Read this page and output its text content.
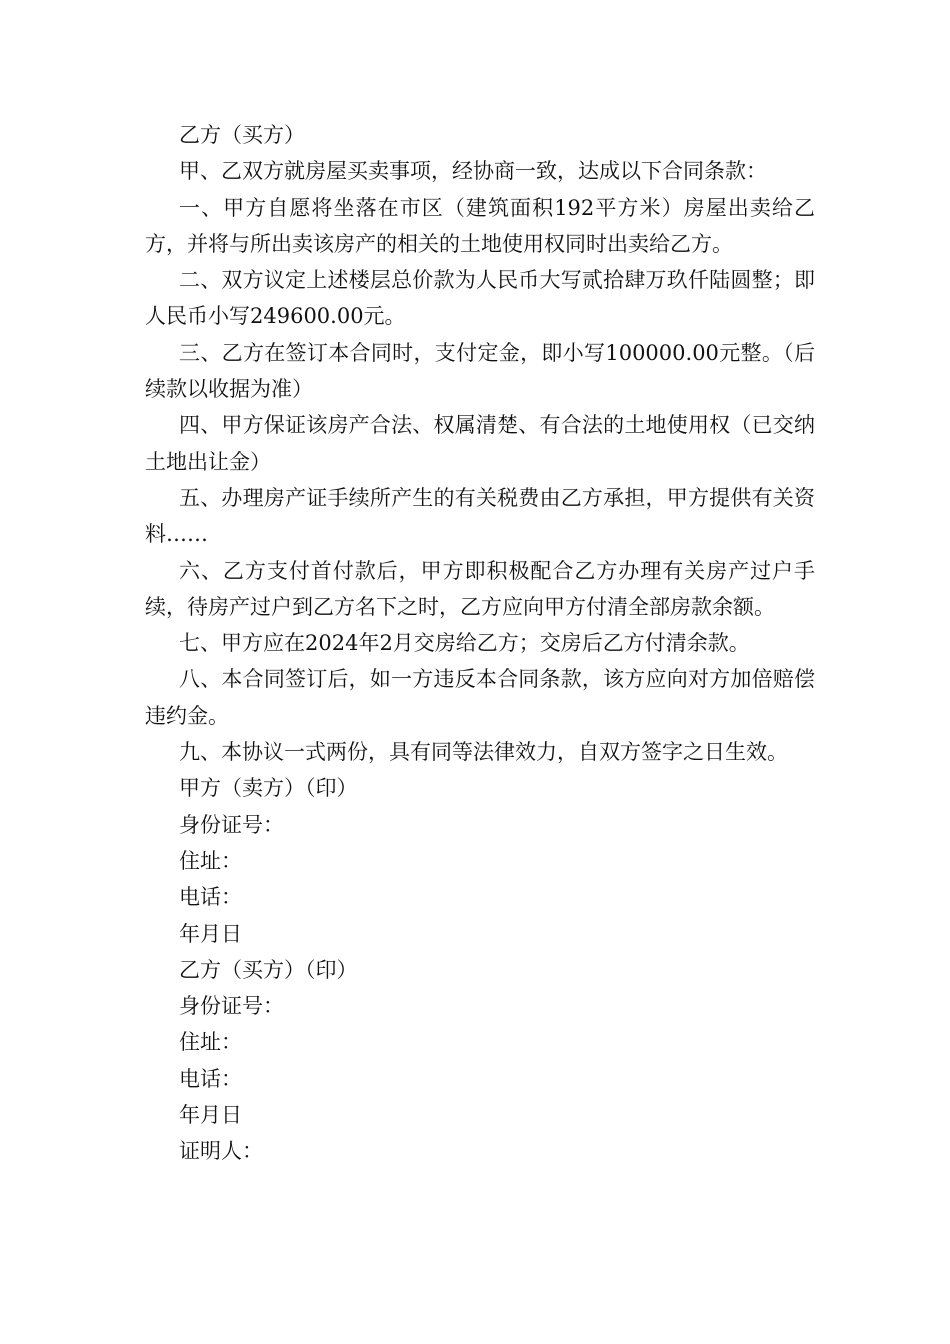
乙方（买方）

甲、乙双方就房屋买卖事项，经协商一致，达成以下合同条款：

一、甲方自愿将坐落在市区（建筑面积192平方米）房屋出卖给乙方，并将与所出卖该房产的相关的土地使用权同时出卖给乙方。

二、双方议定上述楼层总价款为人民币大写贰拾肆万玖仟陆圆整；即人民币小写249600.00元。

三、乙方在签订本合同时，支付定金，即小写100000.00元整。（后续款以收据为准）

四、甲方保证该房产合法、权属清楚、有合法的土地使用权（已交纳土地出让金）

五、办理房产证手续所产生的有关税费由乙方承担，甲方提供有关资料……

六、乙方支付首付款后，甲方即积极配合乙方办理有关房产过户手续，待房产过户到乙方名下之时，乙方应向甲方付清全部房款余额。

七、甲方应在2024年2月交房给乙方；交房后乙方付清余款。

八、本合同签订后，如一方违反本合同条款，该方应向对方加倍赔偿违约金。

九、本协议一式两份，具有同等法律效力，自双方签字之日生效。

甲方（卖方）（印）

身份证号：

住址：

电话：

年月日

乙方（买方）（印）

身份证号：

住址：

电话：

年月日

证明人：
